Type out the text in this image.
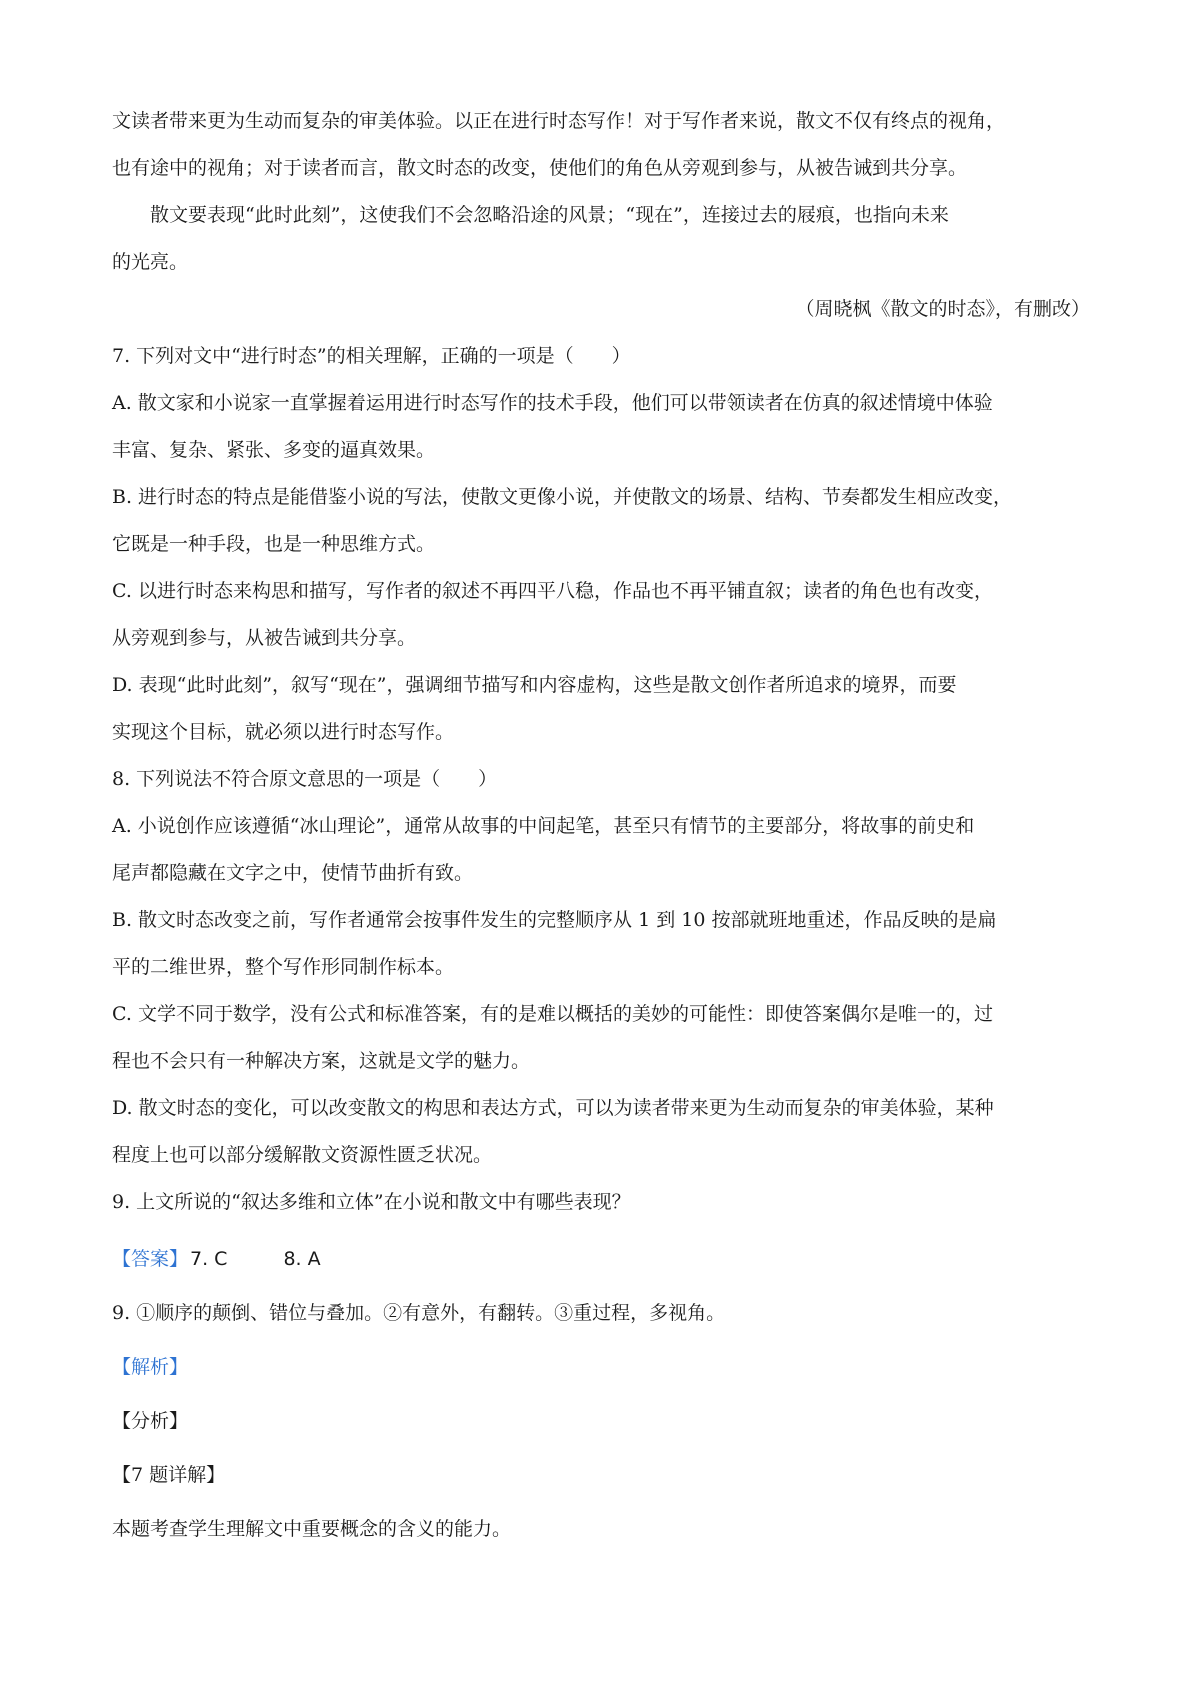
文读者带来更为生动而复杂的审美体验。以正在进行时态写作！对于写作者来说，散文不仅有终点的视角，

也有途中的视角；对于读者而言，散文时态的改变，使他们的角色从旁观到参与，从被告诫到共分享。

散文要表现“此时此刻”，这使我们不会忽略沿途的风景；“现在”，连接过去的屐痕，也指向未来

的光亮。

（周晓枫《散文的时态》，有删改）

7. 下列对文中“进行时态”的相关理解，正确的一项是（　　）

A. 散文家和小说家一直掌握着运用进行时态写作的技术手段，他们可以带领读者在仿真的叙述情境中体验

丰富、复杂、紧张、多变的逼真效果。

B. 进行时态的特点是能借鉴小说的写法，使散文更像小说，并使散文的场景、结构、节奏都发生相应改变，

它既是一种手段，也是一种思维方式。

C. 以进行时态来构思和描写，写作者的叙述不再四平八稳，作品也不再平铺直叙；读者的角色也有改变，

从旁观到参与，从被告诫到共分享。

D. 表现“此时此刻”，叙写“现在”，强调细节描写和内容虚构，这些是散文创作者所追求的境界，而要

实现这个目标，就必须以进行时态写作。

8. 下列说法不符合原文意思的一项是（　　）

A. 小说创作应该遵循“冰山理论”，通常从故事的中间起笔，甚至只有情节的主要部分，将故事的前史和

尾声都隐藏在文字之中，使情节曲折有致。

B. 散文时态改变之前，写作者通常会按事件发生的完整顺序从 1 到 10 按部就班地重述，作品反映的是扁

平的二维世界，整个写作形同制作标本。

C. 文学不同于数学，没有公式和标准答案，有的是难以概括的美妙的可能性：即使答案偶尔是唯一的，过

程也不会只有一种解决方案，这就是文学的魅力。

D. 散文时态的变化，可以改变散文的构思和表达方式，可以为读者带来更为生动而复杂的审美体验，某种

程度上也可以部分缓解散文资源性匮乏状况。

9. 上文所说的“叙达多维和立体”在小说和散文中有哪些表现？

【答案】 7. C	8. A

9. ①顺序的颠倒、错位与叠加。②有意外，有翻转。③重过程，多视角。

【解析】

【分析】

【7 题详解】

本题考查学生理解文中重要概念的含义的能力。
